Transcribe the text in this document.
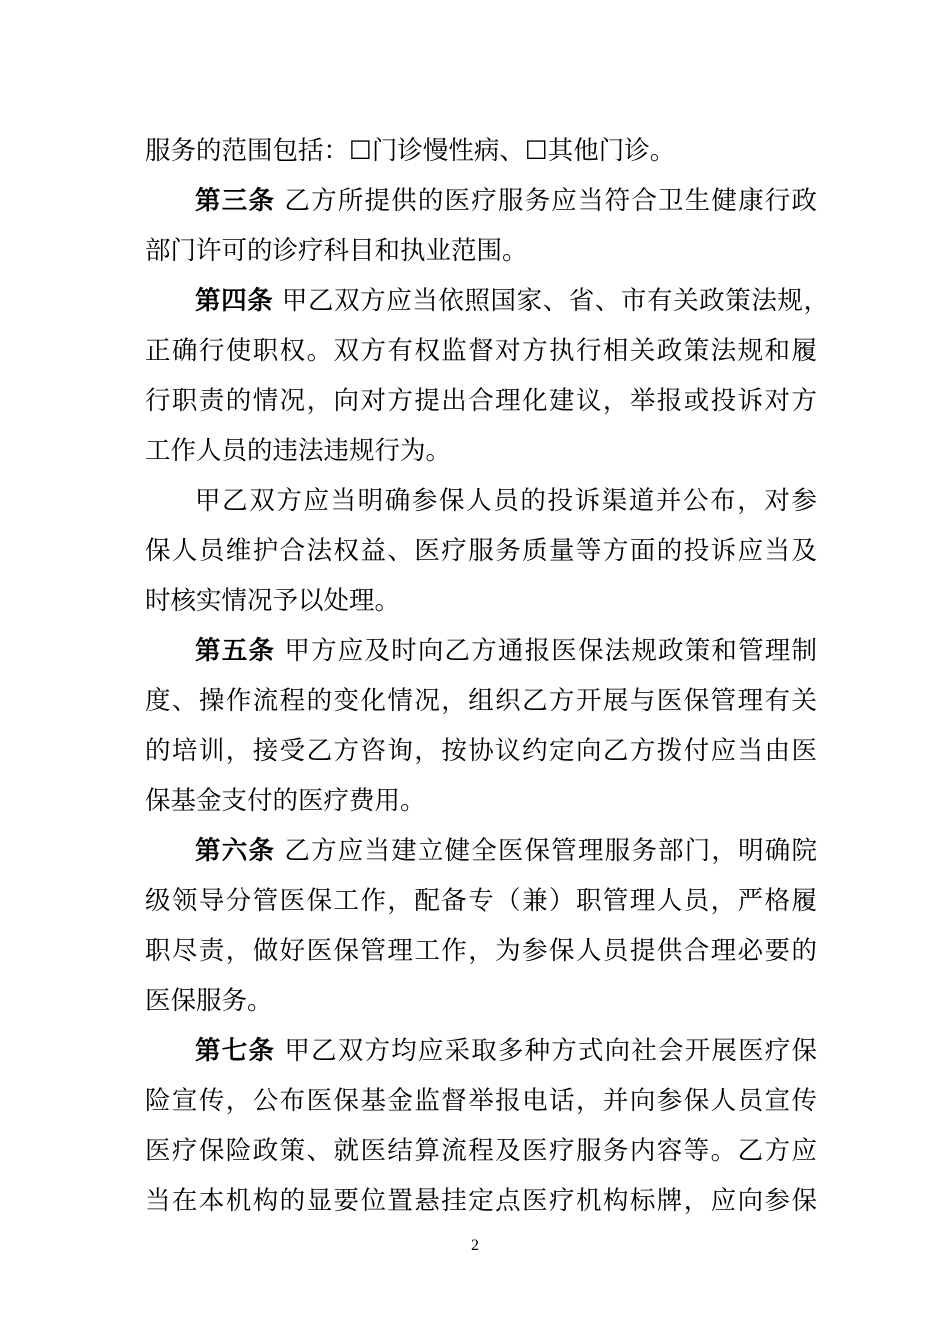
服务的范围包括：☐门诊慢性病、☐其他门诊。
第三条 乙方所提供的医疗服务应当符合卫生健康行政
部门许可的诊疗科目和执业范围。
第四条 甲乙双方应当依照国家、省、市有关政策法规，
正确行使职权。双方有权监督对方执行相关政策法规和履
行职责的情况，向对方提出合理化建议，举报或投诉对方
工作人员的违法违规行为。
甲乙双方应当明确参保人员的投诉渠道并公布，对参
保人员维护合法权益、医疗服务质量等方面的投诉应当及
时核实情况予以处理。
第五条 甲方应及时向乙方通报医保法规政策和管理制
度、操作流程的变化情况，组织乙方开展与医保管理有关
的培训，接受乙方咨询，按协议约定向乙方拨付应当由医
保基金支付的医疗费用。
第六条 乙方应当建立健全医保管理服务部门，明确院
级领导分管医保工作，配备专（兼）职管理人员，严格履
职尽责，做好医保管理工作，为参保人员提供合理必要的
医保服务。
第七条 甲乙双方均应采取多种方式向社会开展医疗保
险宣传，公布医保基金监督举报电话，并向参保人员宣传
医疗保险政策、就医结算流程及医疗服务内容等。乙方应
当在本机构的显要位置悬挂定点医疗机构标牌，应向参保
2
